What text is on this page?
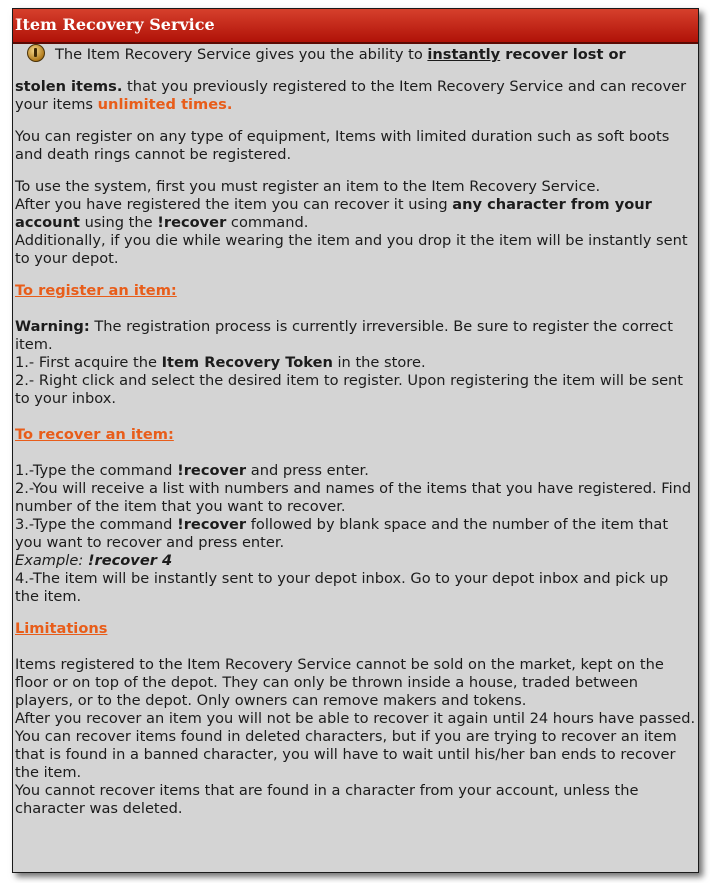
Item Recovery Service

The Item Recovery Service gives you the ability to instantly recover lost or

stolen items. that you previously registered to the Item Recovery Service and can recover your items unlimited times.

You can register on any type of equipment, Items with limited duration such as soft boots and death rings cannot be registered.

To use the system, first you must register an item to the Item Recovery Service.

After you have registered the item you can recover it using any character from your account using the !recover command.

Additionally, if you die while wearing the item and you drop it the item will be instantly sent to your depot.

To register an item:

Warning: The registration process is currently irreversible. Be sure to register the correct item.

1.- First acquire the Item Recovery Token in the store.

2.- Right click and select the desired item to register. Upon registering the item will be sent to your inbox.

To recover an item:

1.-Type the command !recover and press enter.

2.-You will receive a list with numbers and names of the items that you have registered. Find number of the item that you want to recover.

3.-Type the command !recover followed by blank space and the number of the item that you want to recover and press enter.

Example: !recover 4

4.-The item will be instantly sent to your depot inbox. Go to your depot inbox and pick up the item.

Limitations

Items registered to the Item Recovery Service cannot be sold on the market, kept on the floor or on top of the depot. They can only be thrown inside a house, traded between players, or to the depot. Only owners can remove makers and tokens.

After you recover an item you will not be able to recover it again until 24 hours have passed.

You can recover items found in deleted characters, but if you are trying to recover an item that is found in a banned character, you will have to wait until his/her ban ends to recover the item.

You cannot recover items that are found in a character from your account, unless the character was deleted.
